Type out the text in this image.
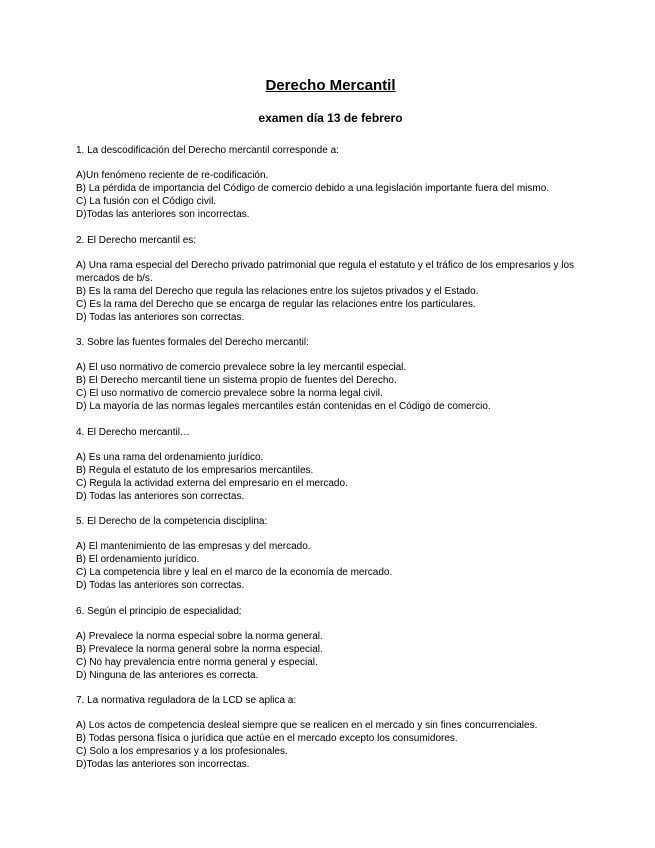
Derecho Mercantil
examen día 13 de febrero

1. La descodificación del Derecho mercantil corresponde a:

A)Un fenómeno reciente de re-codificación.

B) La pérdida de importancia del Código de comercio debido a una legislación importante fuera del mismo.

C) La fusión con el Código civil.

D)Todas las anteriores son incorrectas.

2. El Derecho mercantil es:

A) Una rama especial del Derecho privado patrimonial que regula el estatuto y el tráfico de los empresarios y los mercados de b/s.

B) Es la rama del Derecho que regula las relaciones entre los sujetos privados y el Estado.

C) Es la rama del Derecho que se encarga de regular las relaciones entre los particulares.

D) Todas las anteriores son correctas.

3. Sobre las fuentes formales del Derecho mercantil:

A) El uso normativo de comercio prevalece sobre la ley mercantil especial.

B) El Derecho mercantil tiene un sistema propio de fuentes del Derecho.

C) El uso normativo de comercio prevalece sobre la norma legal civil.

D) La mayoría de las normas legales mercantiles están contenidas en el Código de comercio.

4. El Derecho mercantil…

A) Es una rama del ordenamiento jurídico.

B) Regula el estatuto de los empresarios mercantiles.

C) Regula la actividad externa del empresario en el mercado.

D) Todas las anteriores son correctas.

5. El Derecho de la competencia disciplina:

A) El mantenimiento de las empresas y del mercado.

B) El ordenamiento jurídico.

C) La competencia libre y leal en el marco de la economía de mercado.

D) Todas las anteriores son correctas.

6. Según el principio de especialidad:

A) Prevalece la norma especial sobre la norma general.

B) Prevalece la norma general sobre la norma especial.

C) No hay prevalencia entre norma general y especial.

D) Ninguna de las anteriores es correcta.

7. La normativa reguladora de la LCD se aplica a:

A) Los actos de competencia desleal siempre que se realicen en el mercado y sin fines concurrenciales.

B) Todas persona física o jurídica que actúe en el mercado excepto los consumidores.

C) Solo a los empresarios y a los profesionales.

D)Todas las anteriores son incorrectas.
